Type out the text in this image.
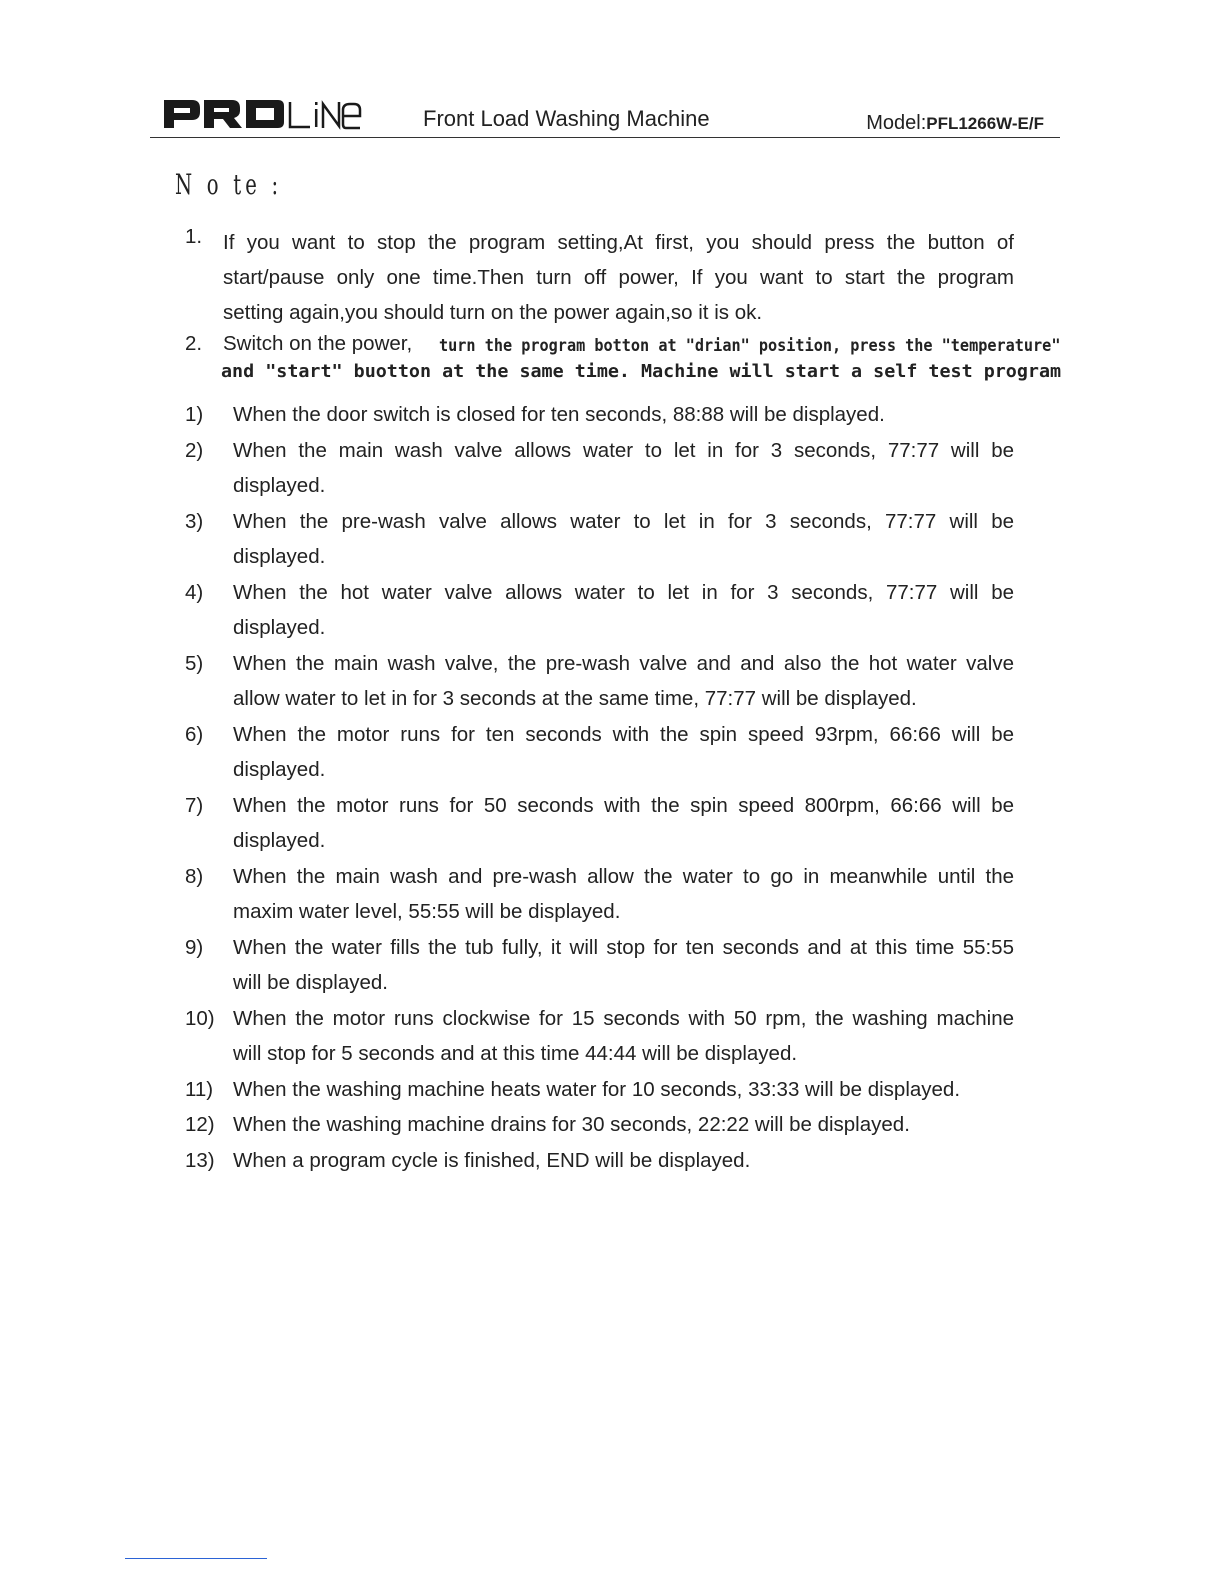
Front Load Washing Machine	Model:PFL1266W-E/F
N o te :
1. If you want to stop the program setting,At first, you should press the button of
start/pause only one time.Then turn off power, If you want to start the program
setting again,you should turn on the power again,so it is ok.
2. Switch on the power, turn the program botton at "drian" position, press the "temperature"
and "start" buotton at the same time. Machine will start a self test program
1)	When the door switch is closed for ten seconds, 88:88 will be displayed.
2)	When the main wash valve allows water to let in for 3 seconds, 77:77 will be
displayed.
3)	When the pre-wash valve allows water to let in for 3 seconds, 77:77 will be
displayed.
4)	When the hot water valve allows water to let in for 3 seconds, 77:77 will be
displayed.
5)	When the main wash valve, the pre-wash valve and and also the hot water valve
allow water to let in for 3 seconds at the same time, 77:77 will be displayed.
6)	When the motor runs for ten seconds with the spin speed 93rpm, 66:66 will be
displayed.
7)	When the motor runs for 50 seconds with the spin speed 800rpm, 66:66 will be
displayed.
8)	When the main wash and pre-wash allow the water to go in meanwhile until the
maxim water level, 55:55 will be displayed.
9)	When the water fills the tub fully, it will stop for ten seconds and at this time 55:55
will be displayed.
10) When the motor runs clockwise for 15 seconds with 50 rpm, the washing machine
will stop for 5 seconds and at this time 44:44 will be displayed.
11) When the washing machine heats water for 10 seconds, 33:33 will be displayed.
12) When the washing machine drains for 30 seconds, 22:22 will be displayed.
13) When a program cycle is finished, END will be displayed.
